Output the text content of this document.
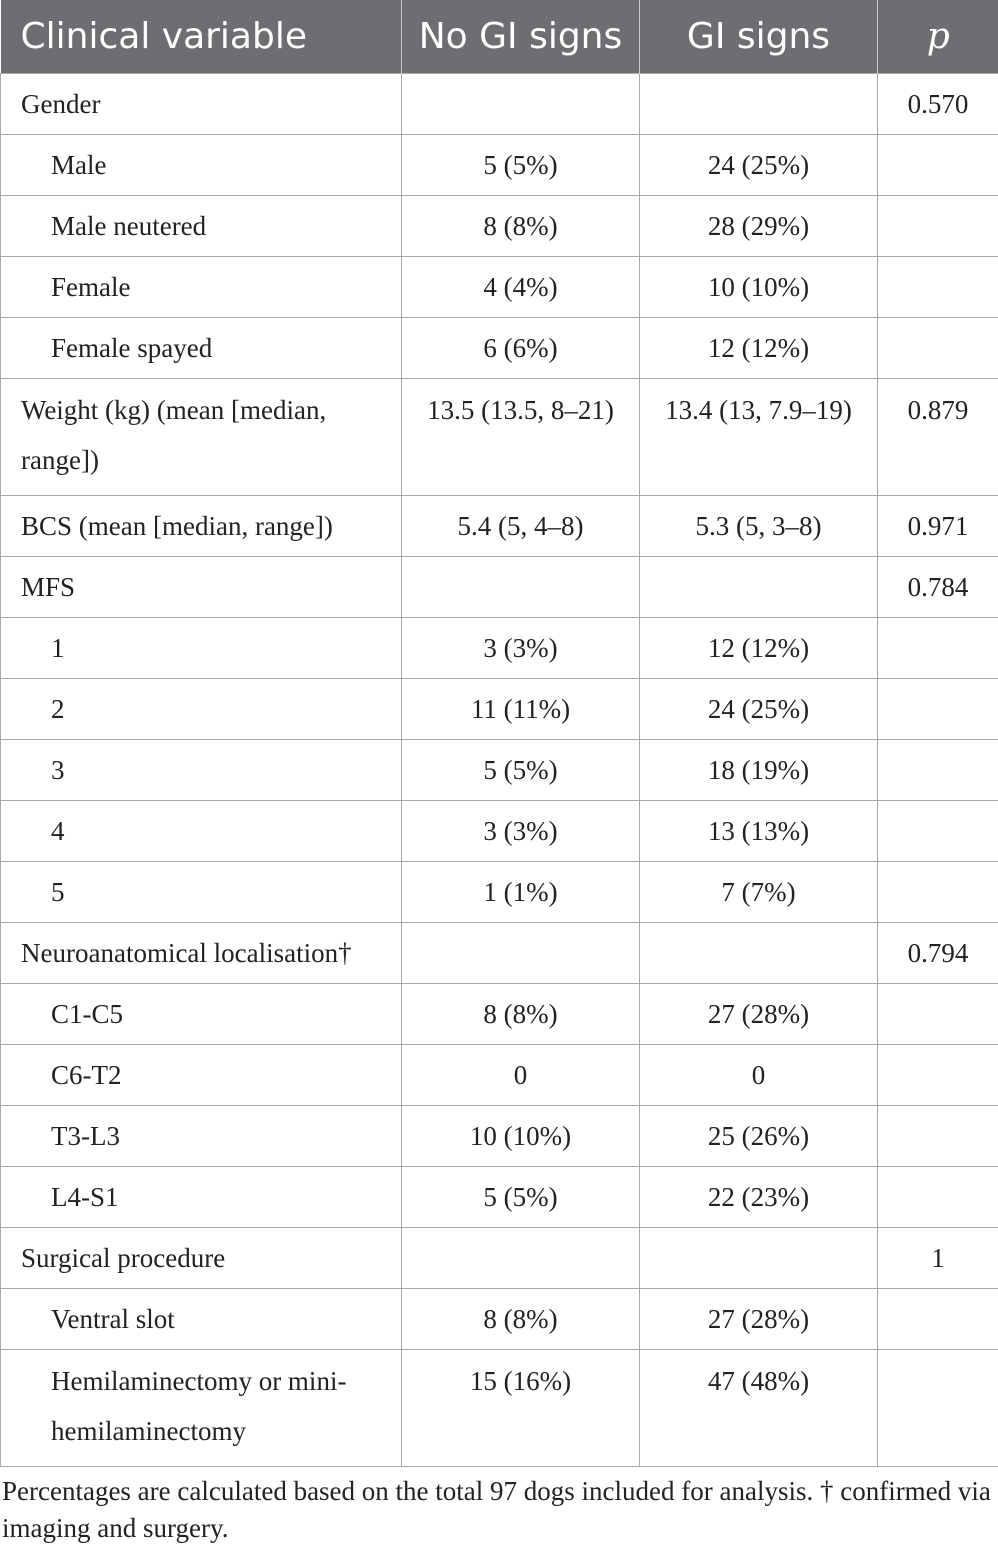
Clinical variable	No GI signs	GI signs	p
Gender			0.570
Male	5 (5%)	24 (25%)	
Male neutered	8 (8%)	28 (29%)	
Female	4 (4%)	10 (10%)	
Female spayed	6 (6%)	12 (12%)	
Weight (kg) (mean [median, range])	13.5 (13.5, 8–21)	13.4 (13, 7.9–19)	0.879
BCS (mean [median, range])	5.4 (5, 4–8)	5.3 (5, 3–8)	0.971
MFS			0.784
1	3 (3%)	12 (12%)	
2	11 (11%)	24 (25%)	
3	5 (5%)	18 (19%)	
4	3 (3%)	13 (13%)	
5	1 (1%)	7 (7%)	
Neuroanatomical localisation†			0.794
C1-C5	8 (8%)	27 (28%)	
C6-T2	0	0	
T3-L3	10 (10%)	25 (26%)	
L4-S1	5 (5%)	22 (23%)	
Surgical procedure			1
Ventral slot	8 (8%)	27 (28%)	
Hemilaminectomy or mini-hemilaminectomy	15 (16%)	47 (48%)	
Percentages are calculated based on the total 97 dogs included for analysis. † confirmed via imaging and surgery.
